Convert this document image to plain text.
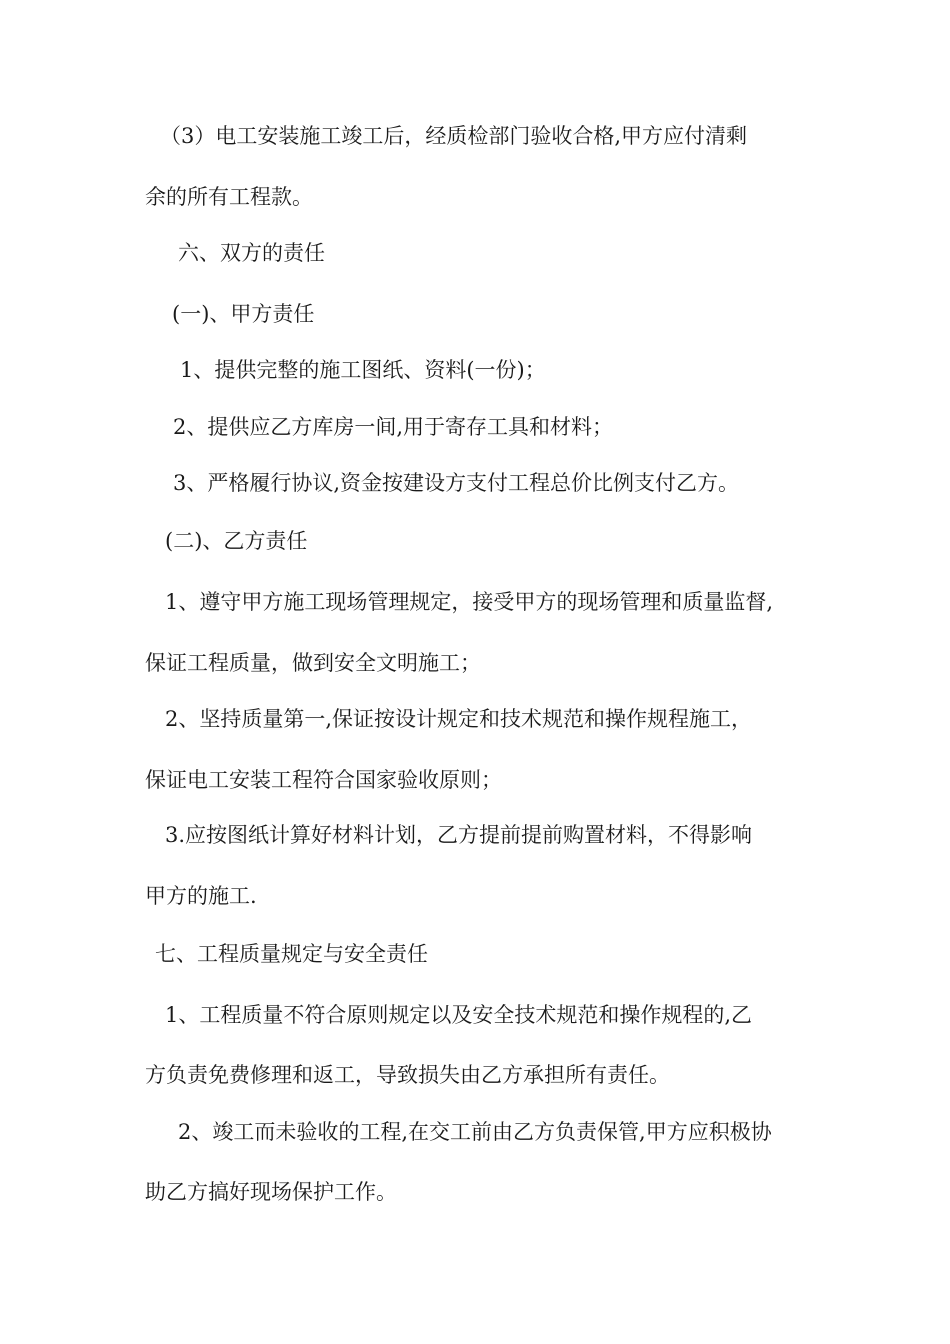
（3）电工安装施工竣工后，经质检部门验收合格,甲方应付清剩
余的所有工程款。
六、双方的责任
(一)、甲方责任
1、提供完整的施工图纸、资料(一份)；
2、提供应乙方库房一间,用于寄存工具和材料；
3、严格履行协议,资金按建设方支付工程总价比例支付乙方。
(二)、乙方责任
1、遵守甲方施工现场管理规定，接受甲方的现场管理和质量监督,
保证工程质量，做到安全文明施工；
2、坚持质量第一,保证按设计规定和技术规范和操作规程施工，
保证电工安装工程符合国家验收原则；
3.应按图纸计算好材料计划，乙方提前提前购置材料，不得影响
甲方的施工.
七、工程质量规定与安全责任
1、工程质量不符合原则规定以及安全技术规范和操作规程的,乙
方负责免费修理和返工，导致损失由乙方承担所有责任。
2、竣工而未验收的工程,在交工前由乙方负责保管,甲方应积极协
助乙方搞好现场保护工作。
